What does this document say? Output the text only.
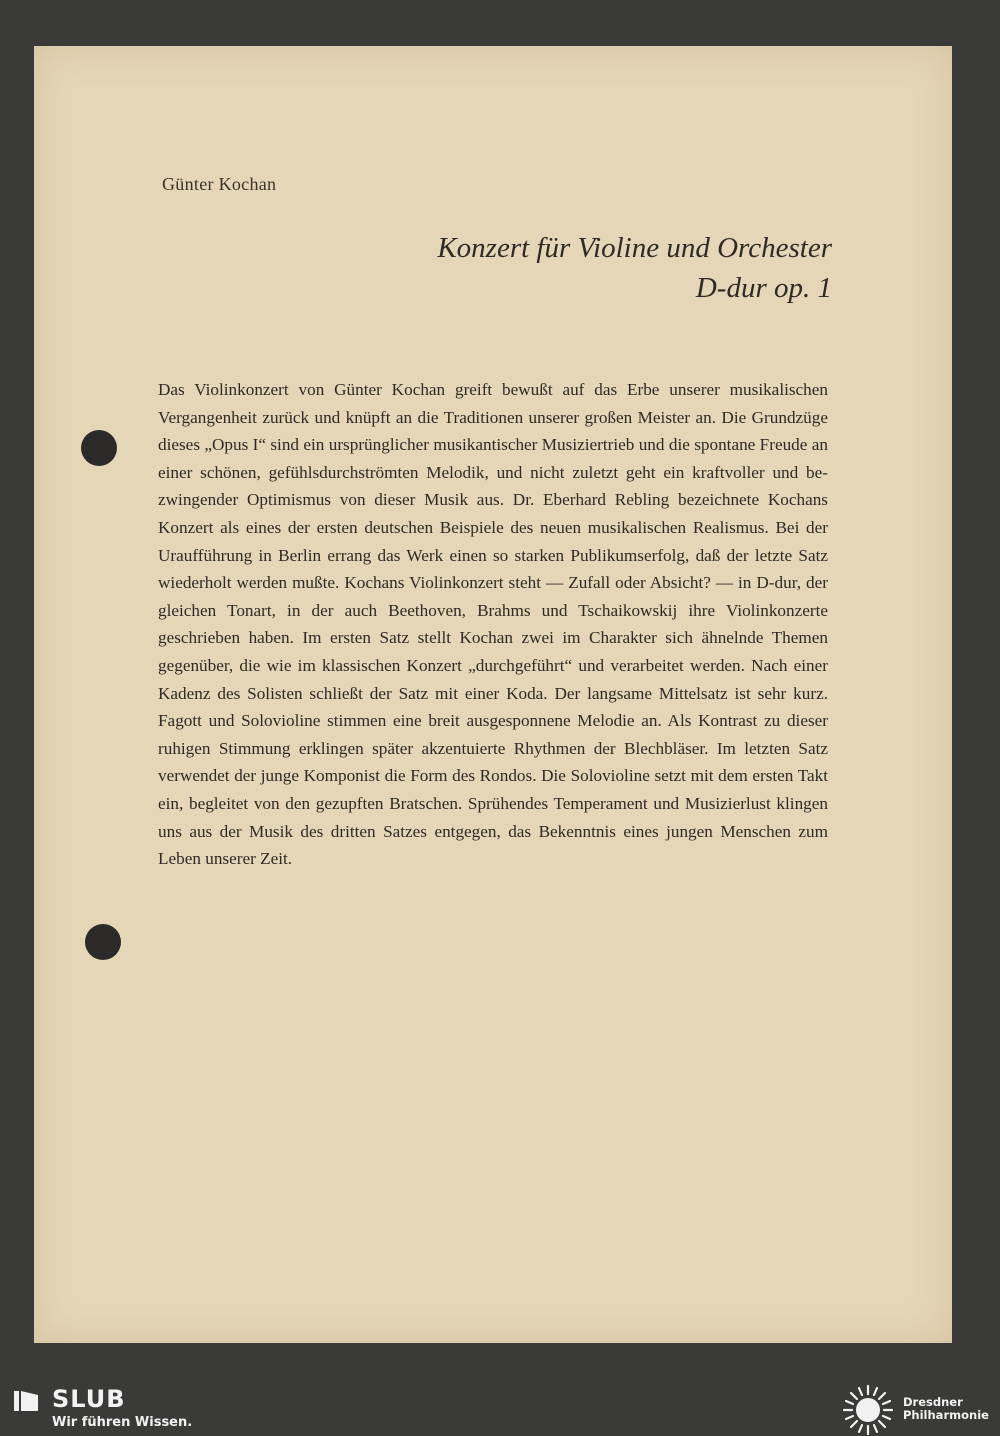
Günter Kochan
Konzert für Violine und Orchester
D-dur op. 1
Das Violinkonzert von Günter Kochan greift bewußt auf das Erbe unserer musikalischen Vergangenheit zurück und knüpft an die Traditionen unserer großen Meister an. Die Grundzüge dieses „Opus I“ sind ein ursprünglicher musikantischer Musiziertrieb und die spontane Freude an einer schönen, gefühlsdurchströmten Melodik, und nicht zuletzt geht ein kraftvoller und bezwingender Optimismus von dieser Musik aus. Dr. Eberhard Rebling bezeichnete Kochans Konzert als eines der ersten deutschen Beispiele des neuen musikalischen Realismus. Bei der Uraufführung in Berlin errang das Werk einen so starken Publikumserfolg, daß der letzte Satz wiederholt werden mußte. Kochans Violinkonzert steht — Zufall oder Absicht? — in D-dur, der gleichen Tonart, in der auch Beethoven, Brahms und Tschaikowskij ihre Violinkonzerte geschrieben haben. Im ersten Satz stellt Kochan zwei im Charakter sich ähnelnde Themen gegenüber, die wie im klassischen Konzert „durchgeführt“ und verarbeitet werden. Nach einer Kadenz des Solisten schließt der Satz mit einer Koda. Der langsame Mittelsatz ist sehr kurz. Fagott und Solovioline stimmen eine breit ausgesponnene Melodie an. Als Kontrast zu dieser ruhigen Stimmung erklingen später akzentuierte Rhythmen der Blechbläser. Im letzten Satz verwendet der junge Komponist die Form des Rondos. Die Solovioline setzt mit dem ersten Takt ein, begleitet von den gezupften Bratschen. Sprühendes Temperament und Musizierlust klingen uns aus der Musik des dritten Satzes entgegen, das Bekenntnis eines jungen Menschen zum Leben unserer Zeit.
SLUB
Wir führen Wissen.
Dresdner
Philharmonie
